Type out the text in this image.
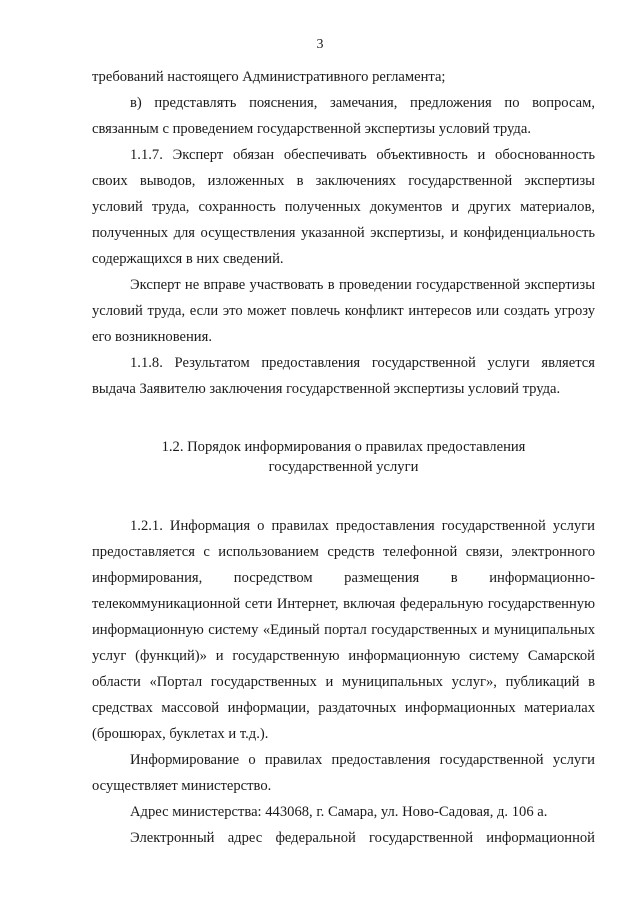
3

требований настоящего Административного регламента;

в) представлять пояснения, замечания, предложения по вопросам, связанным с проведением государственной экспертизы условий труда.

1.1.7. Эксперт обязан обеспечивать объективность и обоснованность своих выводов, изложенных в заключениях государственной экспертизы условий труда, сохранность полученных документов и других материалов, полученных для осуществления указанной экспертизы, и конфиденциальность содержащихся в них сведений.

Эксперт не вправе участвовать в проведении государственной экспертизы условий труда, если это может повлечь конфликт интересов или создать угрозу его возникновения.

1.1.8. Результатом предоставления государственной услуги является выдача Заявителю заключения государственной экспертизы условий труда.

1.2. Порядок информирования о правилах предоставления
государственной услуги

1.2.1. Информация о правилах предоставления государственной услуги предоставляется с использованием средств телефонной связи, электронного информирования, посредством размещения в информационно-телекоммуникационной сети Интернет, включая федеральную государственную информационную систему «Единый портал государственных и муниципальных услуг (функций)» и государственную информационную систему Самарской области «Портал государственных и муниципальных услуг», публикаций в средствах массовой информации, раздаточных информационных материалах (брошюрах, буклетах и т.д.).

Информирование о правилах предоставления государственной услуги осуществляет министерство.

Адрес министерства: 443068, г. Самара, ул. Ново-Садовая, д. 106 а.

Электронный адрес федеральной государственной информационной
